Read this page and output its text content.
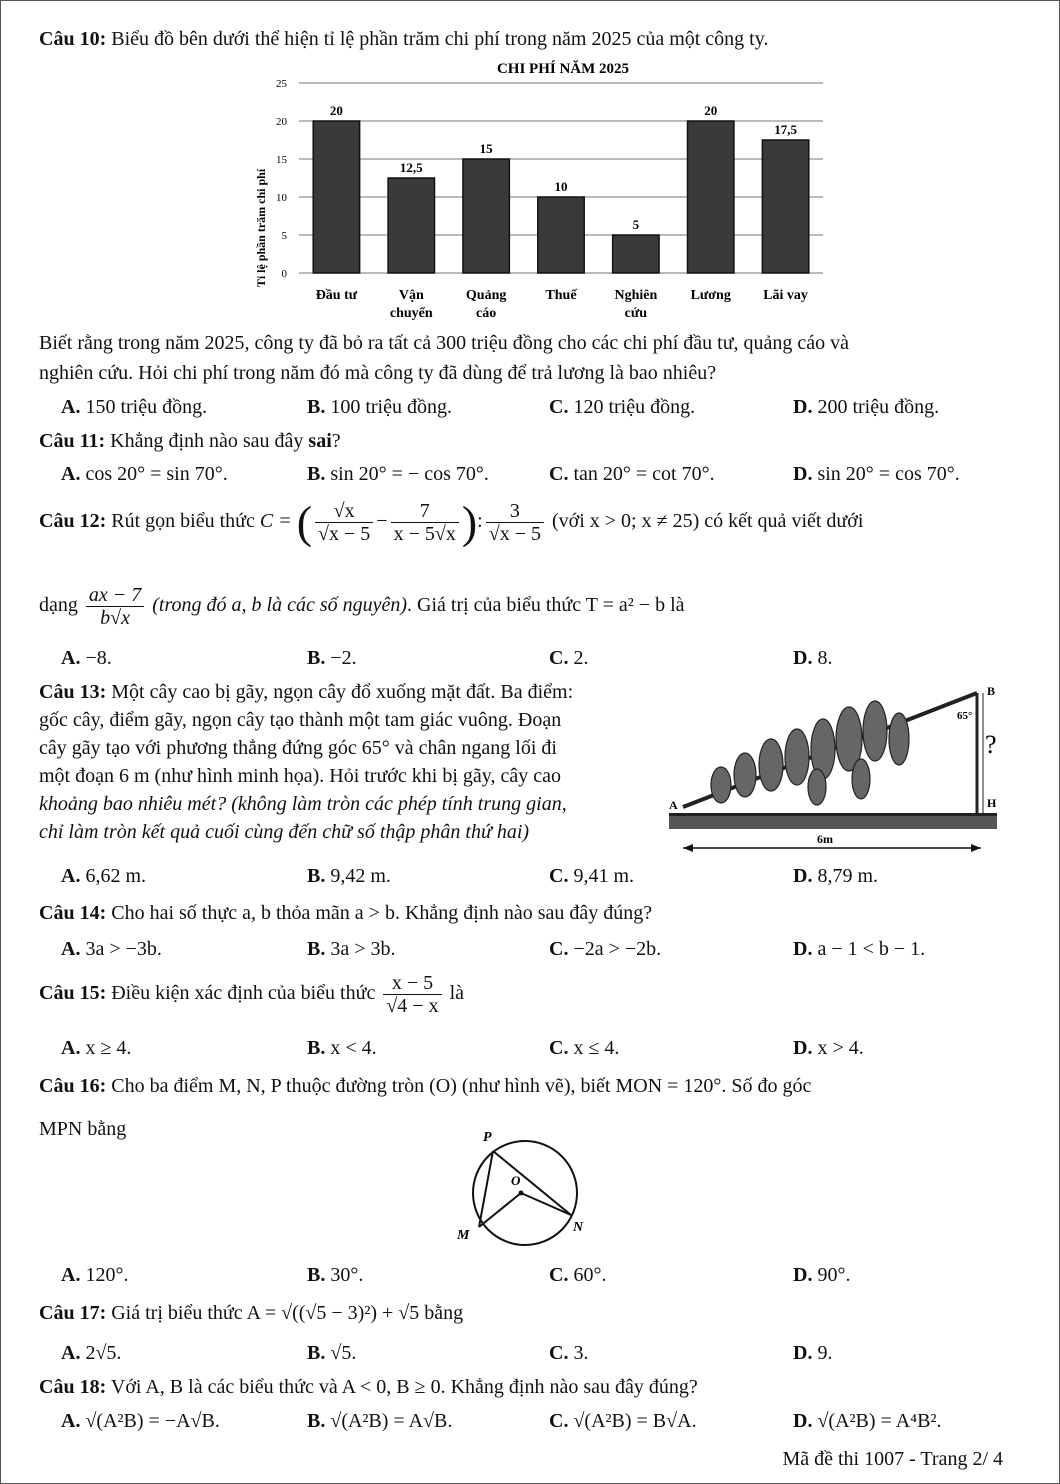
Câu 10: Biểu đồ bên dưới thể hiện tỉ lệ phần trăm chi phí trong năm 2025 của một công ty.
CHI PHÍ NĂM 2025
Tỉ lệ phần trăm chi phí 0
5
10
15
20
25
20
12,5
15
10
5
20
17,5
Đầu tư	Vận
chuyển
Quảng
cáo
Thuế	Nghiên
cứu
Lương Lãi vay
Biết rằng trong năm 2025, công ty đã bỏ ra tất cả 300 triệu đồng cho các chi phí đầu tư, quảng cáo và
nghiên cứu. Hỏi chi phí trong năm đó mà công ty đã dùng để trả lương là bao nhiêu?
A. 150 triệu đồng.	B. 100 triệu đồng.	C. 120 triệu đồng.	D. 200 triệu đồng.
Câu 11: Khẳng định nào sau đây sai?
A. cos 20° = sin 70°.	B. sin 20° = − cos 70°.	C. tan 20° = cot 70°.	D. sin 20° = cos 70°.
Câu 12: Rút gọn biểu thức C = ( $\frac{√x}{√x - 5} - \frac{7}{x - 5√x}$ ): $\frac{3}{√x - 5}$ (với x > 0; x ≠ 25) có kết quả viết dưới
dạng $\frac{ax - 7}{b√x}$ (trong đó a, b là các số nguyên). Giá trị của biểu thức T = a² − b là
A. −8.	B. −2.	C. 2.	D. 8.
Câu 13: Một cây cao bị gãy, ngọn cây đổ xuống mặt đất. Ba điểm:
gốc cây, điểm gãy, ngọn cây tạo thành một tam giác vuông. Đoạn
cây gãy tạo với phương thẳng đứng góc 65° và chân ngang lối đi
một đoạn 6 m (như hình minh họa). Hỏi trước khi bị gãy, cây cao
khoảng bao nhiêu mét? (không làm tròn các phép tính trung gian,
chỉ làm tròn kết quả cuối cùng đến chữ số thập phân thứ hai)
B
65°
?
H
A
6m
A. 6,62 m.	B. 9,42 m.	C. 9,41 m.	D. 8,79 m.
Câu 14: Cho hai số thực a, b thỏa mãn a > b. Khẳng định nào sau đây đúng?
A. 3a > −3b.	B. 3a > 3b.	C. −2a > −2b.	D. a − 1 < b − 1.
Câu 15: Điều kiện xác định của biểu thức $\frac{x - 5}{√4 - x}$ là
A. x ≥ 4.	B. x < 4.	C. x ≤ 4.	D. x > 4.
Câu 16: Cho ba điểm M, N, P thuộc đường tròn (O) (như hình vẽ), biết MON = 120°. Số đo góc
MPN bằng	P
O
M
N
A. 120°.	B. 30°.	C. 60°.	D. 90°.
Câu 17: Giá trị biểu thức A = √((√5 − 3)²) + √5 bằng
A. 2√5.	B. √5.	C. 3.	D. 9.
Câu 18: Với A, B là các biểu thức và A < 0, B ≥ 0. Khẳng định nào sau đây đúng?
A. √(A²B) = −A√B.	B. √(A²B) = A√B.	C. √(A²B) = B√A.	D. √(A²B) = A⁴B².
Mã đề thi 1007 - Trang 2/ 4
